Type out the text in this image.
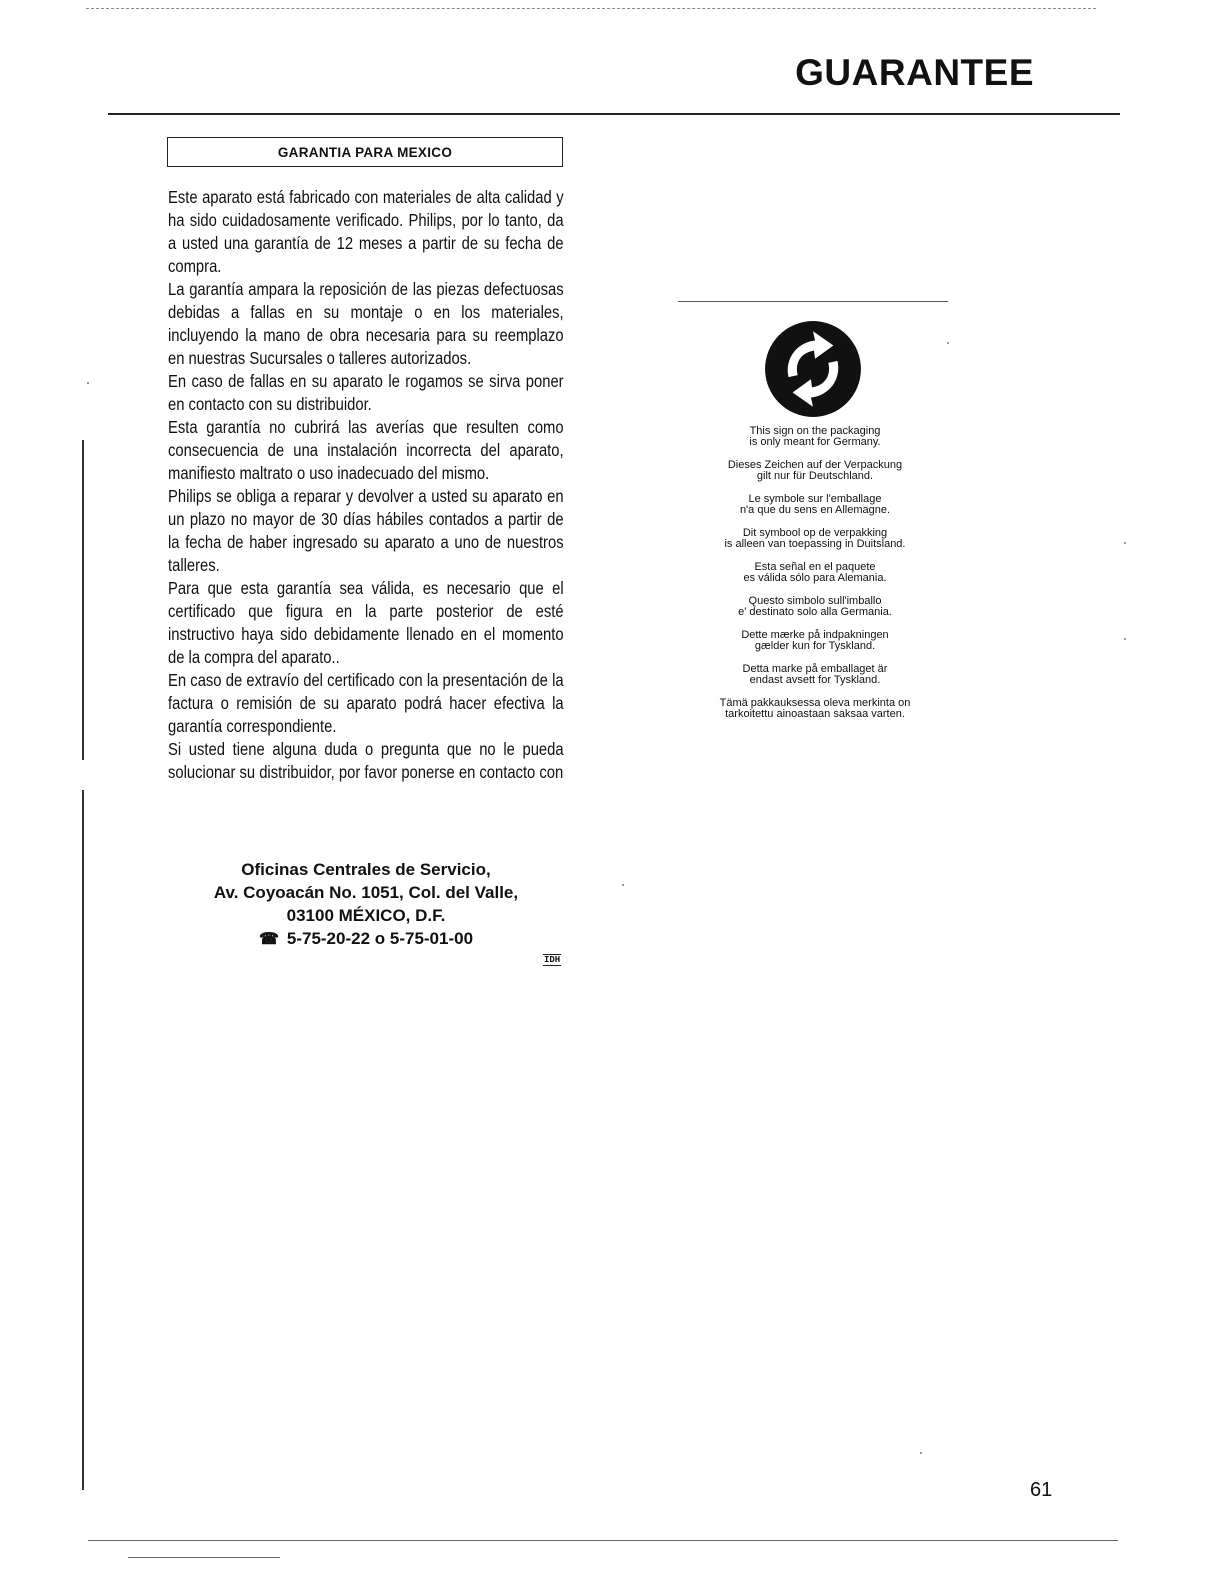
GUARANTEE
GARANTIA PARA MEXICO

Este aparato está fabricado con materiales de alta calidad y ha sido cuidadosamente verificado. Philips, por lo tanto, da a usted una garantía de 12 meses a partir de su fecha de compra.

La garantía ampara la reposición de las piezas defectuosas debidas a fallas en su montaje o en los materiales, incluyendo la mano de obra necesaria para su reemplazo en nuestras Sucursales o talleres autorizados.

En caso de fallas en su aparato le rogamos se sirva poner en contacto con su distribuidor.

Esta garantía no cubrirá las averías que resulten como consecuencia de una instalación incorrecta del aparato, manifiesto maltrato o uso inadecuado del mismo.

Philips se obliga a reparar y devolver a usted su aparato en un plazo no mayor de 30 días hábiles contados a partir de la fecha de haber ingresado su aparato a uno de nuestros talleres.

Para que esta garantía sea válida, es necesario que el certificado que figura en la parte posterior de esté instructivo haya sido debidamente llenado en el momento de la compra del aparato..

En caso de extravío del certificado con la presentación de la factura o remisión de su aparato podrá hacer efectiva la garantía correspondiente.

Si usted tiene alguna duda o pregunta que no le pueda solucionar su distribuidor, por favor ponerse en contacto con

Oficinas Centrales de Servicio,
Av. Coyoacán No. 1051, Col. del Valle,
03100 MÉXICO, D.F.
☎ 5-75-20-22 o 5-75-01-00
IDH
This sign on the packaging
is only meant for Germany.
Dieses Zeichen auf der Verpackung
gilt nur für Deutschland.
Le symbole sur l'emballage
n'a que du sens en Allemagne.
Dit symbool op de verpakking
is alleen van toepassing in Duitsland.
Esta señal en el paquete
es válida sólo para Alemania.
Questo simbolo sull'imballo
e' destinato solo alla Germania.
Dette mærke på indpakningen
gælder kun for Tyskland.
Detta marke på emballaget är
endast avsett for Tyskland.
Tämä pakkauksessa oleva merkinta on
tarkoitettu ainoastaan saksaa varten.
61
